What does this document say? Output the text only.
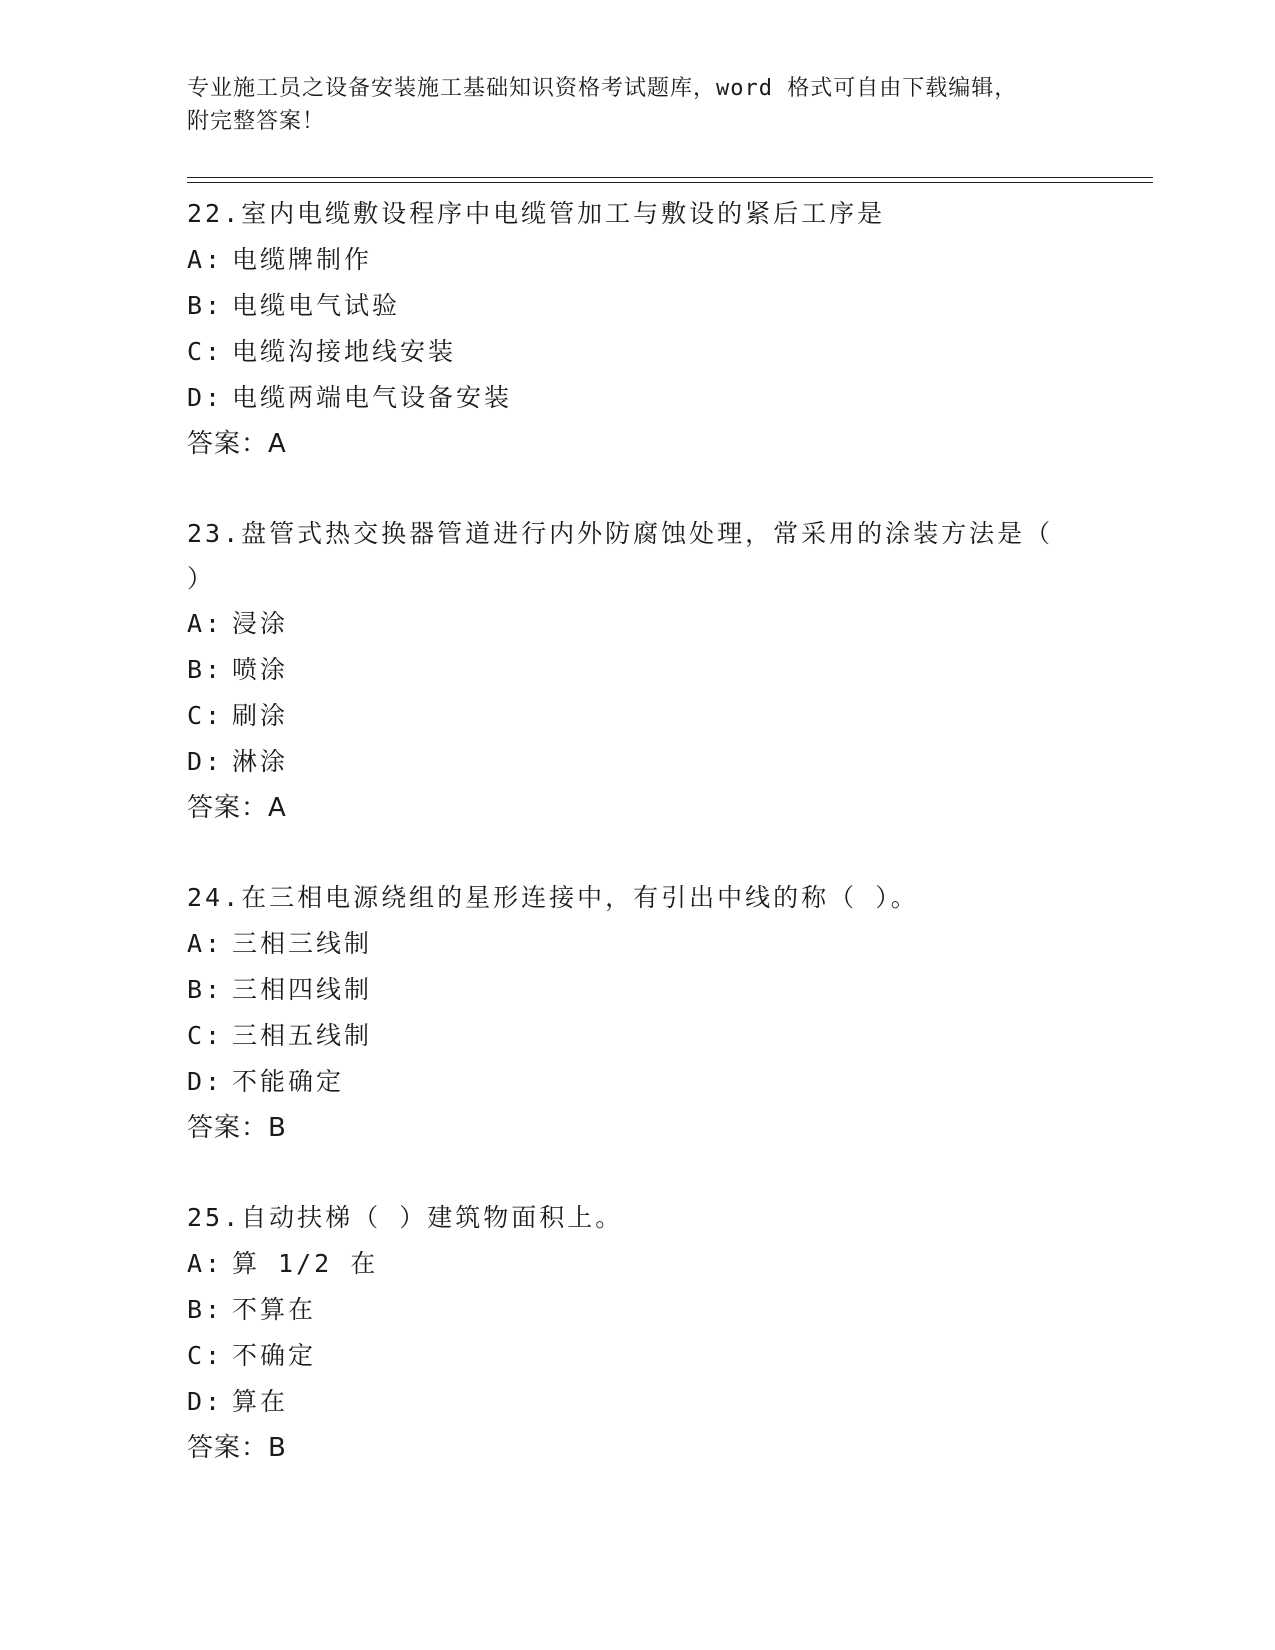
专业施工员之设备安装施工基础知识资格考试题库，word 格式可自由下载编辑，
附完整答案！
22.室内电缆敷设程序中电缆管加工与敷设的紧后工序是
A: 电缆牌制作
B: 电缆电气试验
C: 电缆沟接地线安装
D: 电缆两端电气设备安装
答案：A
23.盘管式热交换器管道进行内外防腐蚀处理，常采用的涂装方法是（ ）
A: 浸涂
B: 喷涂
C: 刷涂
D: 淋涂
答案：A
24.在三相电源绕组的星形连接中，有引出中线的称（ ）。
A: 三相三线制
B: 三相四线制
C: 三相五线制
D: 不能确定
答案：B
25.自动扶梯（ ）建筑物面积上。
A: 算 1/2 在
B: 不算在
C: 不确定
D: 算在
答案：B
